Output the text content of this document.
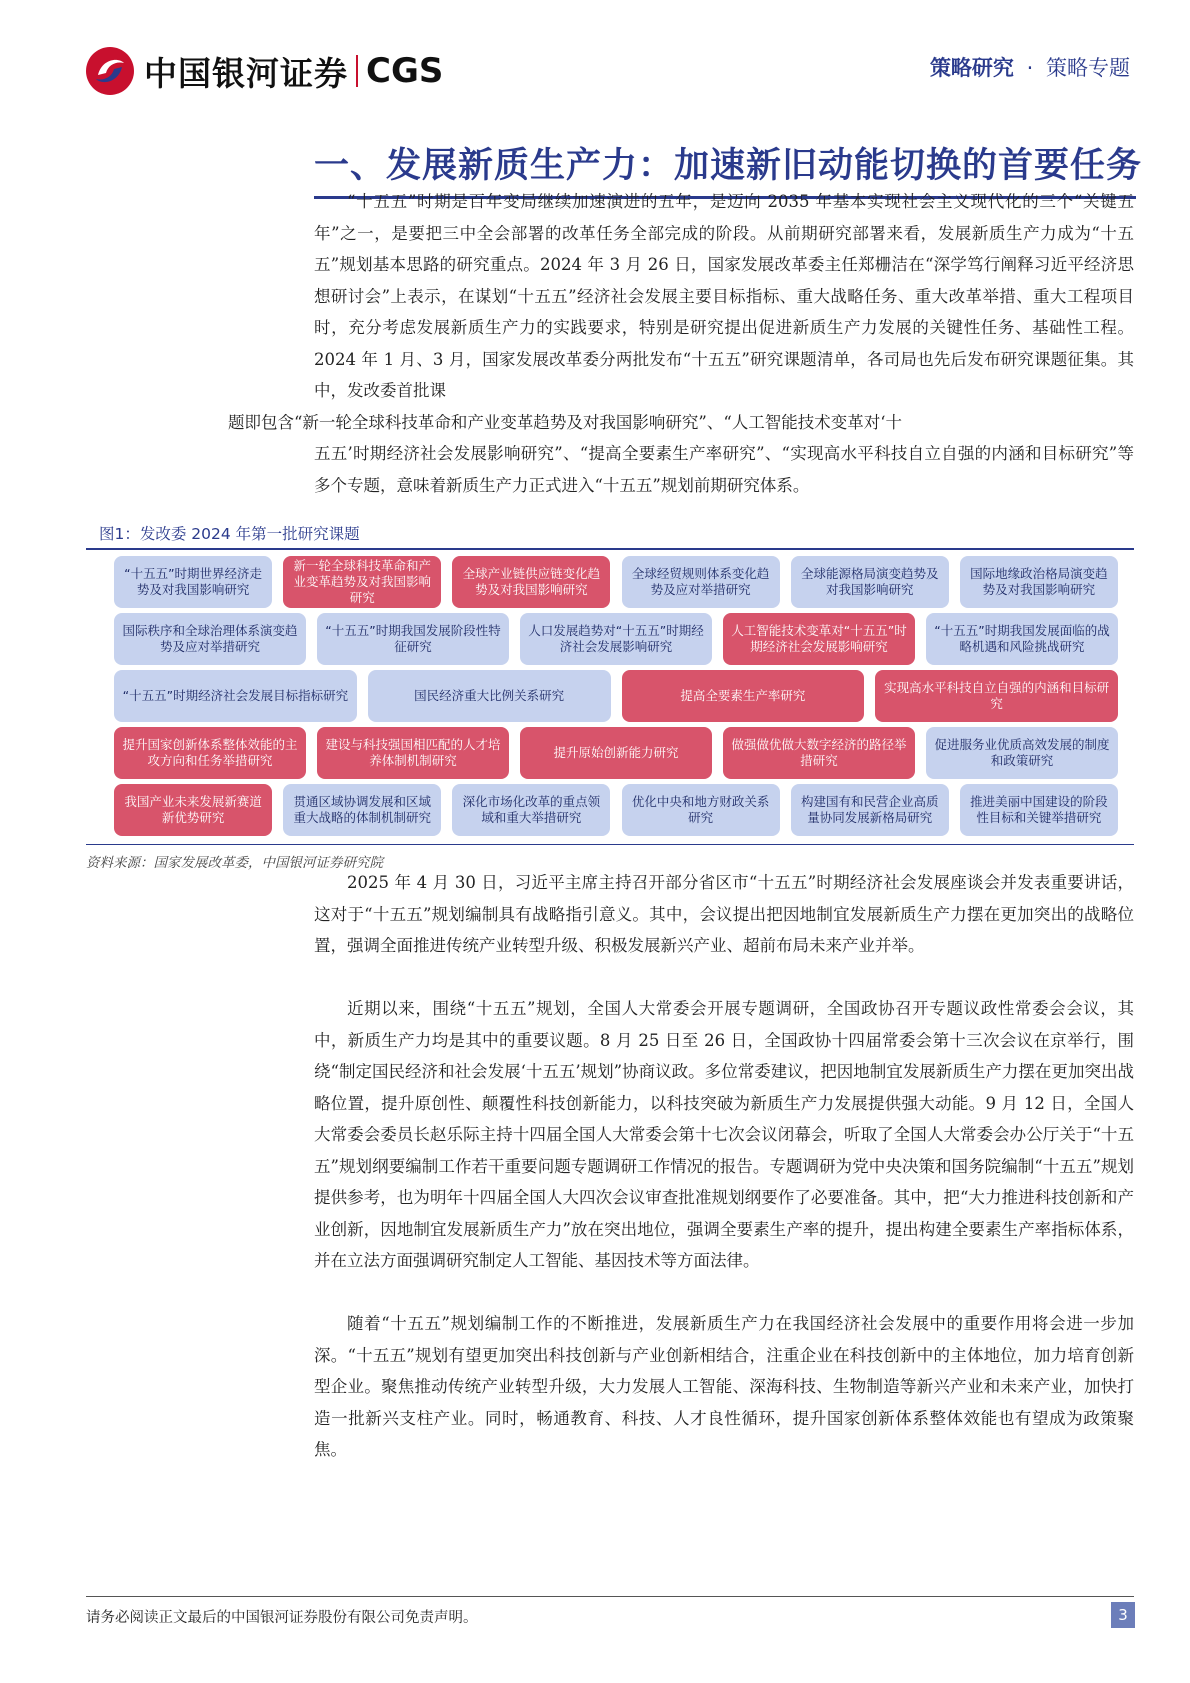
中国银河证券 CGS	策略研究 · 策略专题
一、发展新质生产力：加速新旧动能切换的首要任务
“十五五”时期是百年变局继续加速演进的五年，是迈向 2035 年基本实现社会主义现代化的三个“关键五年”之一，是要把三中全会部署的改革任务全部完成的阶段。从前期研究部署来看，发展新质生产力成为“十五五”规划基本思路的研究重点。2024 年 3 月 26 日，国家发展改革委主任郑栅洁在“深学笃行阐释习近平经济思想研讨会”上表示，在谋划“十五五”经济社会发展主要目标指标、重大战略任务、重大改革举措、重大工程项目时，充分考虑发展新质生产力的实践要求，特别是研究提出促进新质生产力发展的关键性任务、基础性工程。2024 年 1 月、3 月，国家发展改革委分两批发布“十五五”研究课题清单，各司局也先后发布研究课题征集。其中，发改委首批课
题即包含“新一轮全球科技革命和产业变革趋势及对我国影响研究”、“人工智能技术变革对‘十
五五’时期经济社会发展影响研究”、“提高全要素生产率研究”、“实现高水平科技自立自强的内涵和目标研究”等多个专题，意味着新质生产力正式进入“十五五”规划前期研究体系。
图1：发改委 2024 年第一批研究课题
“十五五”时期世界经济走势及对我国影响研究
新一轮全球科技革命和产业变革趋势及对我国影响研究
全球产业链供应链变化趋势及对我国影响研究
全球经贸规则体系变化趋势及应对举措研究
全球能源格局演变趋势及对我国影响研究
国际地缘政治格局演变趋势及对我国影响研究
国际秩序和全球治理体系演变趋势及应对举措研究
“十五五”时期我国发展阶段性特征研究
人口发展趋势对“十五五”时期经济社会发展影响研究
人工智能技术变革对“十五五”时期经济社会发展影响研究
“十五五”时期我国发展面临的战略机遇和风险挑战研究
“十五五”时期经济社会发展目标指标研究	国民经济重大比例关系研究	提高全要素生产率研究
实现高水平科技自立自强的内涵和目标研究
提升国家创新体系整体效能的主攻方向和任务举措研究
建设与科技强国相匹配的人才培养体制机制研究
提升原始创新能力研究
做强做优做大数字经济的路径举措研究
促进服务业优质高效发展的制度和政策研究
我国产业未来发展新赛道新优势研究
贯通区域协调发展和区域重大战略的体制机制研究
深化市场化改革的重点领域和重大举措研究
优化中央和地方财政关系研究
构建国有和民营企业高质量协同发展新格局研究
推进美丽中国建设的阶段性目标和关键举措研究
资料来源：国家发展改革委，中国银河证券研究院
2025 年 4 月 30 日，习近平主席主持召开部分省区市“十五五”时期经济社会发展座谈会并发表重要讲话，这对于“十五五”规划编制具有战略指引意义。其中，会议提出把因地制宜发展新质生产力摆在更加突出的战略位置，强调全面推进传统产业转型升级、积极发展新兴产业、超前布局未来产业并举。
近期以来，围绕“十五五”规划，全国人大常委会开展专题调研，全国政协召开专题议政性常委会会议，其中，新质生产力均是其中的重要议题。8 月 25 日至 26 日，全国政协十四届常委会第十三次会议在京举行，围绕“制定国民经济和社会发展‘十五五’规划”协商议政。多位常委建议，把因地制宜发展新质生产力摆在更加突出战略位置，提升原创性、颠覆性科技创新能力，以科技突破为新质生产力发展提供强大动能。9 月 12 日，全国人大常委会委员长赵乐际主持十四届全国人大常委会第十七次会议闭幕会，听取了全国人大常委会办公厅关于“十五五”规划纲要编制工作若干重要问题专题调研工作情况的报告。专题调研为党中央决策和国务院编制“十五五”规划提供参考，也为明年十四届全国人大四次会议审查批准规划纲要作了必要准备。其中，把“大力推进科技创新和产业创新，因地制宜发展新质生产力”放在突出地位，强调全要素生产率的提升，提出构建全要素生产率指标体系，并在立法方面强调研究制定人工智能、基因技术等方面法律。
随着“十五五”规划编制工作的不断推进，发展新质生产力在我国经济社会发展中的重要作用将会进一步加深。“十五五”规划有望更加突出科技创新与产业创新相结合，注重企业在科技创新中的主体地位，加力培育创新型企业。聚焦推动传统产业转型升级，大力发展人工智能、深海科技、生物制造等新兴产业和未来产业，加快打造一批新兴支柱产业。同时，畅通教育、科技、人才良性循环，提升国家创新体系整体效能也有望成为政策聚焦。
请务必阅读正文最后的中国银河证券股份有限公司免责声明。	3
